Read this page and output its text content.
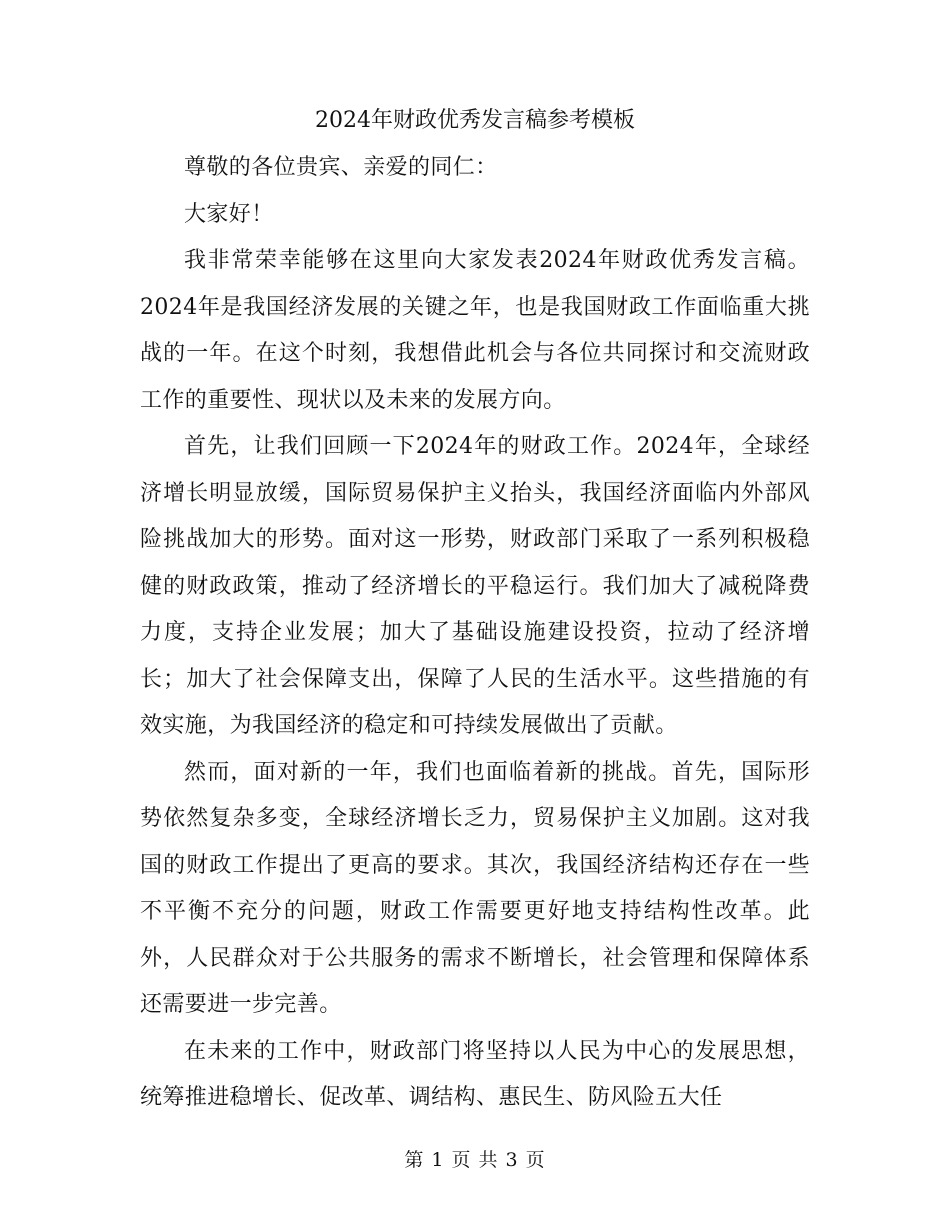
2024年财政优秀发言稿参考模板

尊敬的各位贵宾、亲爱的同仁：

大家好！

我非常荣幸能够在这里向大家发表2024年财政优秀发言稿。2024年是我国经济发展的关键之年，也是我国财政工作面临重大挑战的一年。在这个时刻，我想借此机会与各位共同探讨和交流财政工作的重要性、现状以及未来的发展方向。

首先，让我们回顾一下2024年的财政工作。2024年，全球经济增长明显放缓，国际贸易保护主义抬头，我国经济面临内外部风险挑战加大的形势。面对这一形势，财政部门采取了一系列积极稳健的财政政策，推动了经济增长的平稳运行。我们加大了减税降费力度，支持企业发展；加大了基础设施建设投资，拉动了经济增长；加大了社会保障支出，保障了人民的生活水平。这些措施的有效实施，为我国经济的稳定和可持续发展做出了贡献。

然而，面对新的一年，我们也面临着新的挑战。首先，国际形势依然复杂多变，全球经济增长乏力，贸易保护主义加剧。这对我国的财政工作提出了更高的要求。其次，我国经济结构还存在一些不平衡不充分的问题，财政工作需要更好地支持结构性改革。此外，人民群众对于公共服务的需求不断增长，社会管理和保障体系还需要进一步完善。

在未来的工作中，财政部门将坚持以人民为中心的发展思想，统筹推进稳增长、促改革、调结构、惠民生、防风险五大任

第 1 页 共 3 页
